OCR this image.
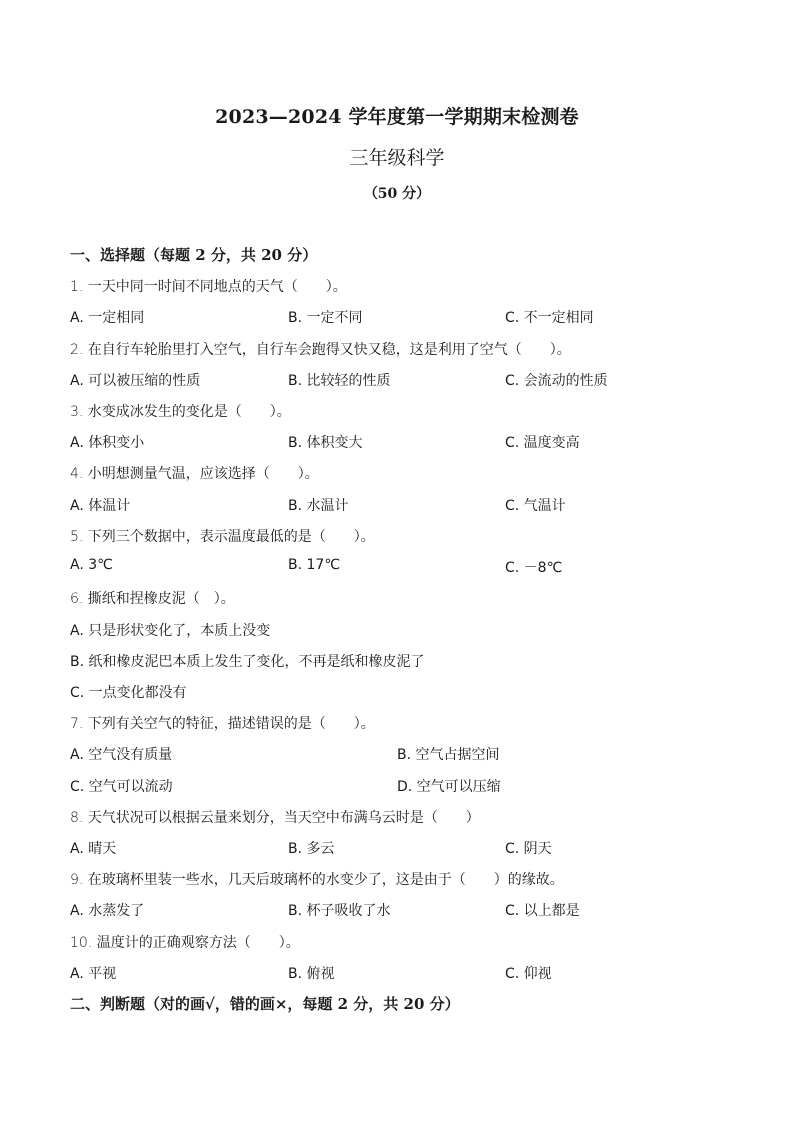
2023—2024 学年度第一学期期末检测卷
三年级科学
（50 分）
一、选择题（每题 2 分，共 20 分）
1. 一天中同一时间不同地点的天气（　　）。
A. 一定相同	B. 一定不同	C. 不一定相同
2. 在自行车轮胎里打入空气，自行车会跑得又快又稳，这是利用了空气（　　）。
A. 可以被压缩的性质	B. 比较轻的性质	C. 会流动的性质
3. 水变成冰发生的变化是（　　）。
A. 体积变小	B. 体积变大	C. 温度变高
4. 小明想测量气温，应该选择（　　）。
A. 体温计	B. 水温计	C. 气温计
5. 下列三个数据中，表示温度最低的是（　　）。
A. 3℃	B. 17℃	C. －8℃
6. 撕纸和捏橡皮泥（　）。
A. 只是形状变化了，本质上没变
B. 纸和橡皮泥巴本质上发生了变化，不再是纸和橡皮泥了
C. 一点变化都没有
7. 下列有关空气的特征，描述错误的是（　　）。
A. 空气没有质量	B. 空气占据空间
C. 空气可以流动	D. 空气可以压缩
8. 天气状况可以根据云量来划分，当天空中布满乌云时是（　　）
A. 晴天	B. 多云	C. 阴天
9. 在玻璃杯里装一些水，几天后玻璃杯的水变少了，这是由于（　　）的缘故。
A. 水蒸发了	B. 杯子吸收了水	C. 以上都是
10. 温度计的正确观察方法（　　）。
A. 平视	B. 俯视	C. 仰视
二、判断题（对的画√，错的画×，每题 2 分，共 20 分）
